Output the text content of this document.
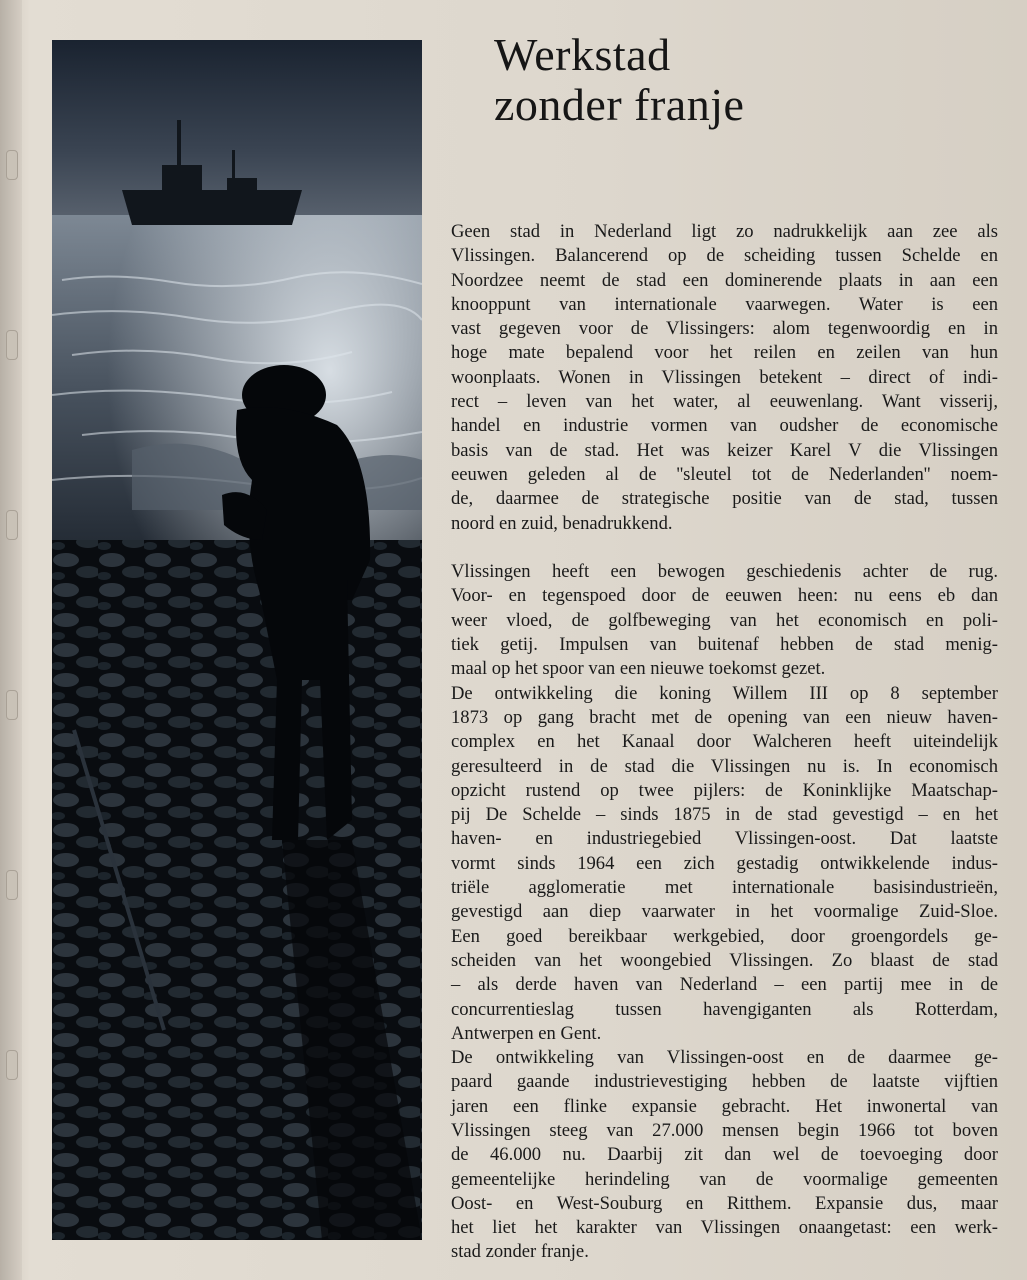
Werkstad
zonder franje
Geen stad in Nederland ligt zo nadrukkelijk aan zee als
Vlissingen. Balancerend op de scheiding tussen Schelde en
Noordzee neemt de stad een dominerende plaats in aan een
knooppunt van internationale vaarwegen. Water is een
vast gegeven voor de Vlissingers: alom tegenwoordig en in
hoge mate bepalend voor het reilen en zeilen van hun
woonplaats. Wonen in Vlissingen betekent – direct of indi-
rect – leven van het water, al eeuwenlang. Want visserij,
handel en industrie vormen van oudsher de economische
basis van de stad. Het was keizer Karel V die Vlissingen
eeuwen geleden al de ''sleutel tot de Nederlanden'' noem-
de, daarmee de strategische positie van de stad, tussen
noord en zuid, benadrukkend.
Vlissingen heeft een bewogen geschiedenis achter de rug.
Voor- en tegenspoed door de eeuwen heen: nu eens eb dan
weer vloed, de golfbeweging van het economisch en poli-
tiek getij. Impulsen van buitenaf hebben de stad menig-
maal op het spoor van een nieuwe toekomst gezet.
De ontwikkeling die koning Willem III op 8 september
1873 op gang bracht met de opening van een nieuw haven-
complex en het Kanaal door Walcheren heeft uiteindelijk
geresulteerd in de stad die Vlissingen nu is. In economisch
opzicht rustend op twee pijlers: de Koninklijke Maatschap-
pij De Schelde – sinds 1875 in de stad gevestigd – en het
haven- en industriegebied Vlissingen-oost. Dat laatste
vormt sinds 1964 een zich gestadig ontwikkelende indus-
triële agglomeratie met internationale basisindustrieën,
gevestigd aan diep vaarwater in het voormalige Zuid-Sloe.
Een goed bereikbaar werkgebied, door groengordels ge-
scheiden van het woongebied Vlissingen. Zo blaast de stad
– als derde haven van Nederland – een partij mee in de
concurrentieslag tussen havengiganten als Rotterdam,
Antwerpen en Gent.
De ontwikkeling van Vlissingen-oost en de daarmee ge-
paard gaande industrievestiging hebben de laatste vijftien
jaren een flinke expansie gebracht. Het inwonertal van
Vlissingen steeg van 27.000 mensen begin 1966 tot boven
de 46.000 nu. Daarbij zit dan wel de toevoeging door
gemeentelijke herindeling van de voormalige gemeenten
Oost- en West-Souburg en Ritthem. Expansie dus, maar
het liet het karakter van Vlissingen onaangetast: een werk-
stad zonder franje.
